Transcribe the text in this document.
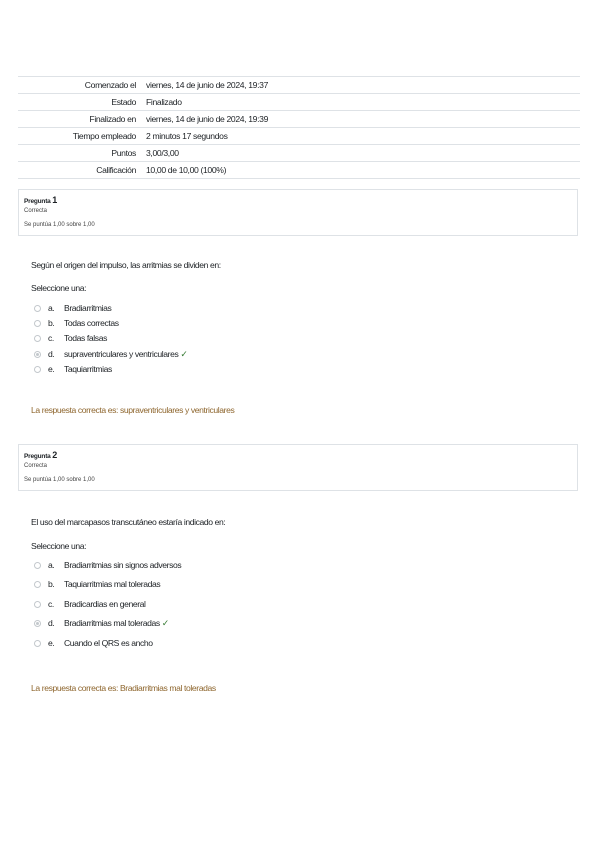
Comenzado el	viernes, 14 de junio de 2024, 19:37
Estado	Finalizado
Finalizado en	viernes, 14 de junio de 2024, 19:39
Tiempo empleado	2 minutos 17 segundos
Puntos	3,00/3,00
Calificación	10,00 de 10,00 (100%)
Pregunta 1
Correcta
Se puntúa 1,00 sobre 1,00
Según el origen del impulso, las arritmias se dividen en:
Seleccione una:
a.	Bradiarritmias
b.	Todas correctas
c.	Todas falsas
d.	supraventriculares y ventriculares ✓
e.	Taquiarritmias
La respuesta correcta es: supraventriculares y ventriculares
Pregunta 2
Correcta
Se puntúa 1,00 sobre 1,00
El uso del marcapasos transcutáneo estaría indicado en:
Seleccione una:
a.	Bradiarritmias sin signos adversos
b.	Taquiarritmias mal toleradas
c.	Bradicardias en general
d.	Bradiarritmias mal toleradas ✓
e.	Cuando el QRS es ancho
La respuesta correcta es: Bradiarritmias mal toleradas
